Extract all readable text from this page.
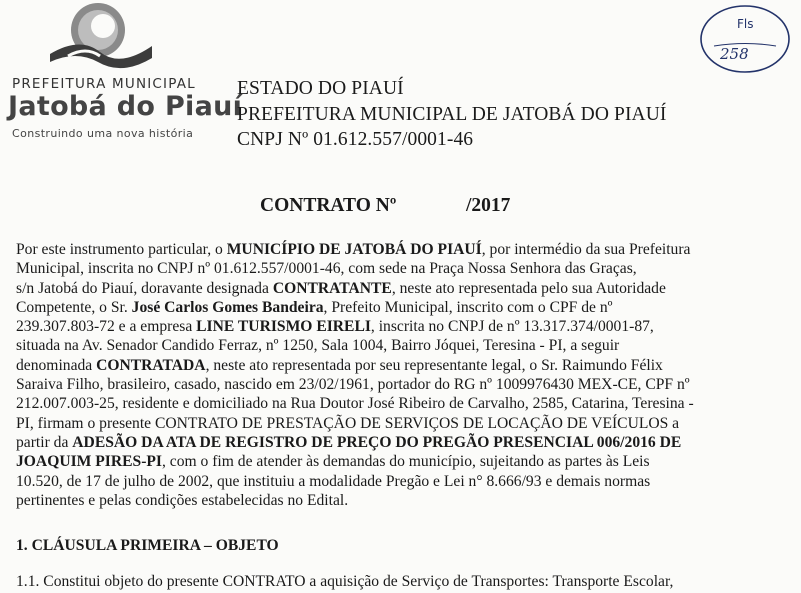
PREFEITURA MUNICIPAL
Jatobá do Piauí
Construindo uma nova história
ESTADO DO PIAUÍ
PREFEITURA MUNICIPAL DE JATOBÁ DO PIAUÍ
CNPJ Nº 01.612.557/0001-46
Fls
258
CONTRATO Nº	/2017
Por este instrumento particular, o MUNICÍPIO DE JATOBÁ DO PIAUÍ, por intermédio da sua Prefeitura
Municipal, inscrita no CNPJ nº 01.612.557/0001-46, com sede na Praça Nossa Senhora das Graças,
s/n Jatobá do Piauí, doravante designada CONTRATANTE, neste ato representada pelo sua Autoridade
Competente, o Sr. José Carlos Gomes Bandeira, Prefeito Municipal, inscrito com o CPF de nº
239.307.803-72 e a empresa LINE TURISMO EIRELI, inscrita no CNPJ de nº 13.317.374/0001-87,
situada na Av. Senador Candido Ferraz, nº 1250, Sala 1004, Bairro Jóquei, Teresina - PI, a seguir
denominada CONTRATADA, neste ato representada por seu representante legal, o Sr. Raimundo Félix
Saraiva Filho, brasileiro, casado, nascido em 23/02/1961, portador do RG nº 1009976430 MEX-CE, CPF nº
212.007.003-25, residente e domiciliado na Rua Doutor José Ribeiro de Carvalho, 2585, Catarina, Teresina -
PI, firmam o presente CONTRATO DE PRESTAÇÃO DE SERVIÇOS DE LOCAÇÃO DE VEÍCULOS a
partir da ADESÃO DA ATA DE REGISTRO DE PREÇO DO PREGÃO PRESENCIAL 006/2016 DE
JOAQUIM PIRES-PI, com o fim de atender às demandas do município, sujeitando as partes às Leis
10.520, de 17 de julho de 2002, que instituiu a modalidade Pregão e Lei n° 8.666/93 e demais normas
pertinentes e pelas condições estabelecidas no Edital.
1. CLÁUSULA PRIMEIRA – OBJETO
1.1. Constitui objeto do presente CONTRATO a aquisição de Serviço de Transportes: Transporte Escolar,
